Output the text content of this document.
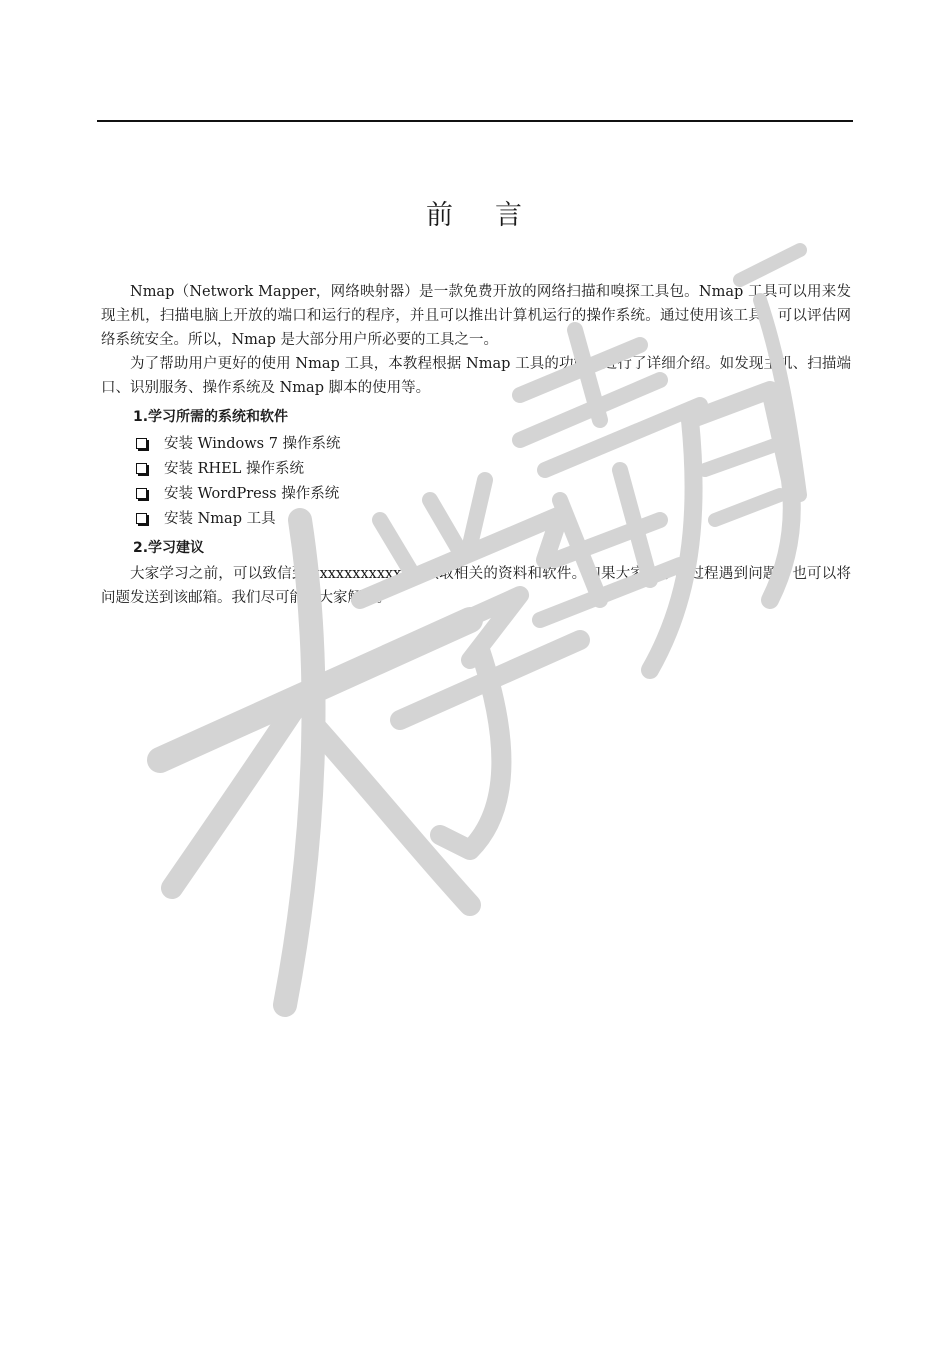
前 言

Nmap（Network Mapper，网络映射器）是一款免费开放的网络扫描和嗅探工具包。Nmap 工具可以用来发现主机，扫描电脑上开放的端口和运行的程序，并且可以推出计算机运行的操作系统。通过使用该工具，可以评估网络系统安全。所以，Nmap 是大部分用户所必要的工具之一。

为了帮助用户更好的使用 Nmap 工具，本教程根据 Nmap 工具的功能，进行了详细介绍。如发现主机、扫描端口、识别服务、操作系统及 Nmap 脚本的使用等。

1.学习所需的系统和软件
安装 Windows 7 操作系统
安装 RHEL 操作系统
安装 WordPress 操作系统
安装 Nmap 工具
2.学习建议

大家学习之前，可以致信到 xxxxxxxxxxxx，获取相关的资料和软件。如果大家在学习过程遇到问题，也可以将问题发送到该邮箱。我们尽可能给大家解决。
